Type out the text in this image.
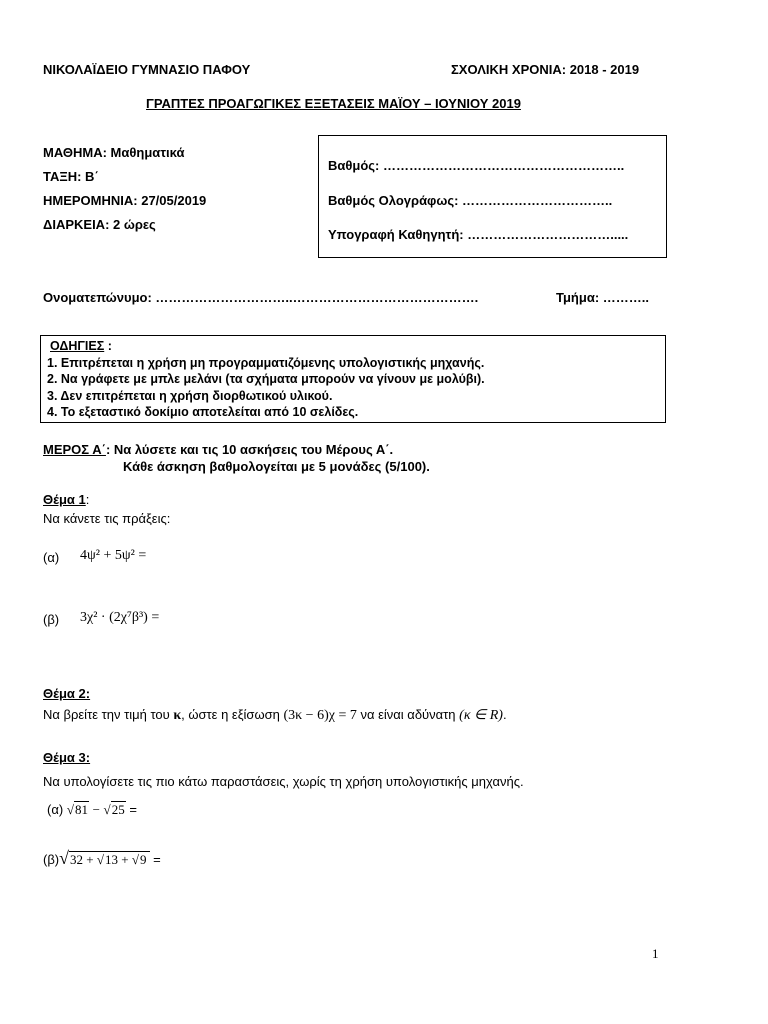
ΝΙΚΟΛΑΪΔΕΙΟ ΓΥΜΝΑΣΙΟ ΠΑΦΟΥ	ΣΧΟΛΙΚΗ ΧΡΟΝΙΑ: 2018 - 2019
ΓΡΑΠΤΕΣ ΠΡΟΑΓΩΓΙΚΕΣ ΕΞΕΤΑΣΕΙΣ ΜΑΪΟΥ – ΙΟΥΝΙΟΥ 2019
ΜΑΘΗΜΑ: Μαθηματικά
ΤΑΞΗ: Β΄
ΗΜΕΡΟΜΗΝΙΑ: 27/05/2019
ΔΙΑΡΚΕΙΑ: 2 ώρες
Βαθμός: ………………………………………………..
Βαθμός Ολογράφως: ……………………………..
Υπογραφή Καθηγητή: …………………………….....
Ονοματεπώνυμο: …………………………..…………………………………….	Τμήμα: ………..
ΟΔΗΓΙΕΣ :
1. Επιτρέπεται η χρήση μη προγραμματιζόμενης υπολογιστικής μηχανής.
2. Να γράφετε με μπλε μελάνι (τα σχήματα μπορούν να γίνουν με μολύβι).
3. Δεν επιτρέπεται η χρήση διορθωτικού υλικού.
4. Το εξεταστικό δοκίμιο αποτελείται από 10 σελίδες.
ΜΕΡΟΣ Α΄: Να λύσετε και τις 10 ασκήσεις του Μέρους Α΄.
Κάθε άσκηση βαθμολογείται με 5 μονάδες (5/100).
Θέμα 1:
Να κάνετε τις πράξεις:
(α) 4ψ² + 5ψ² =
(β) 3χ² · (2χ⁷β³) =
Θέμα 2:
Να βρείτε την τιμή του κ, ώστε η εξίσωση (3κ − 6)χ = 7 να είναι αδύνατη (κ ∈ R).
Θέμα 3:
Να υπολογίσετε τις πιο κάτω παραστάσεις, χωρίς τη χρήση υπολογιστικής μηχανής.
(α) √81 − √25 =
(β)√32 + √13 + √9 =
1
